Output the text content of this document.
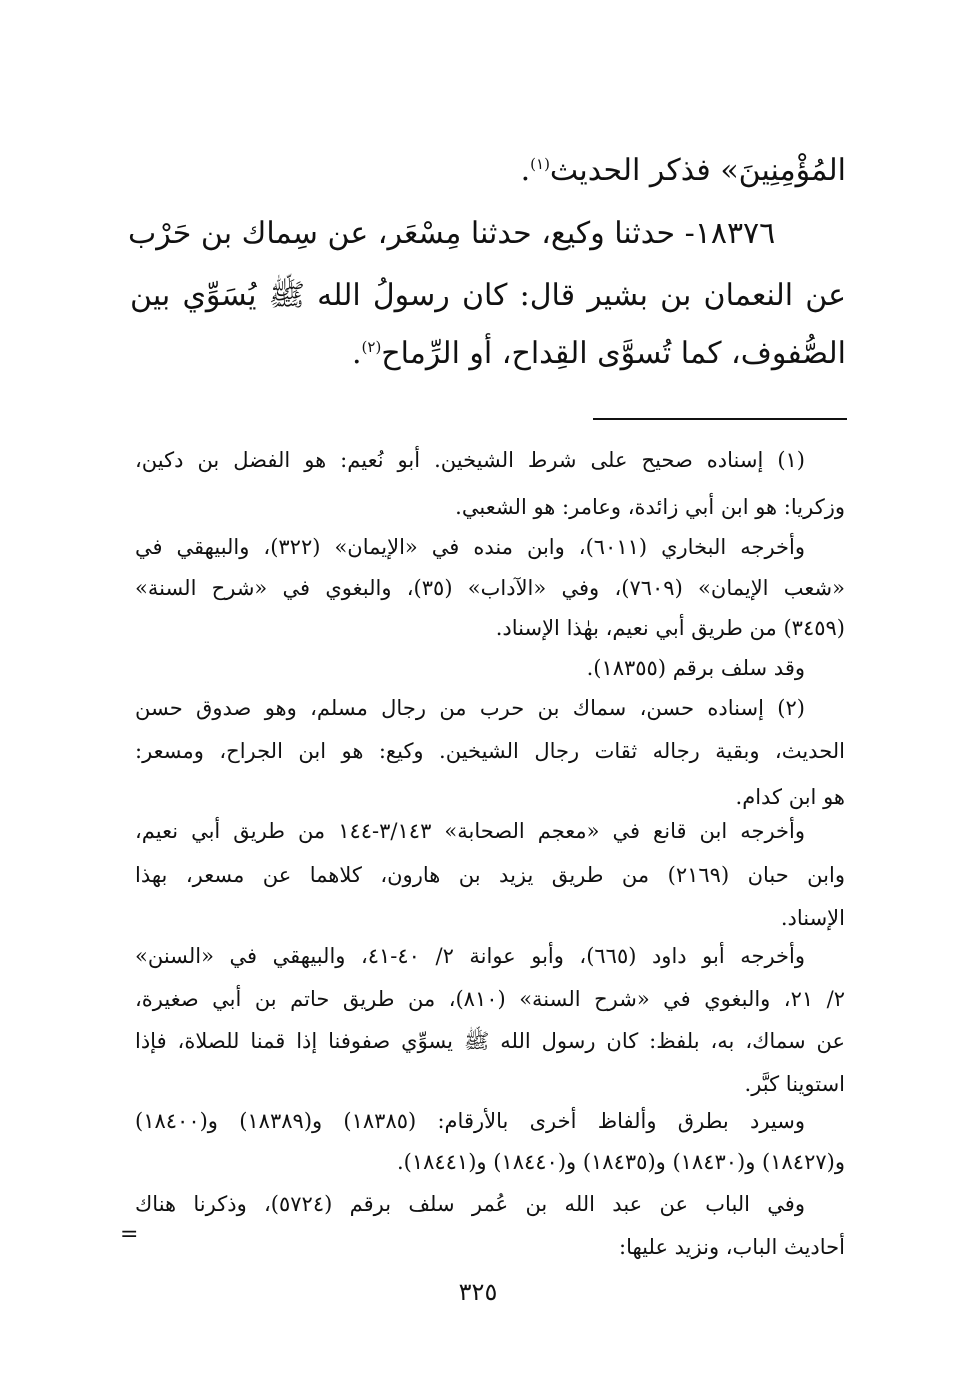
المُؤْمِنِينَ» فذكر الحديث$^{(١)}$.
١٨٣٧٦- حدثنا وكيع، حدثنا مِسْعَر، عن سِماك بن حَرْب
عن النعمان بن بشير قال: كان رسولُ الله ﷺ يُسَوِّي بين
الصُّفوف، كما تُسوَّى القِداح، أو الرِّماح$^{(٢)}$.
(١) إسناده صحيح على شرط الشيخين. أبو نُعيم: هو الفضل بن دكين،
وزكريا: هو ابن أبي زائدة، وعامر: هو الشعبي.
وأخرجه البخاري (٦٠١١)، وابن منده في «الإيمان» (٣٢٢)، والبيهقي في
«شعب الإيمان» (٧٦٠٩)، وفي «الآداب» (٣٥)، والبغوي في «شرح السنة»
(٣٤٥٩) من طريق أبي نعيم، بهٰذا الإسناد.
وقد سلف برقم (١٨٣٥٥).
(٢) إسناده حسن، سماك بن حرب من رجال مسلم، وهو صدوق حسن
الحديث، وبقية رجاله ثقات رجال الشيخين. وكيع: هو ابن الجراح، ومسعر:
هو ابن كدام.
وأخرجه ابن قانع في «معجم الصحابة» ٣/١٤٣-١٤٤ من طريق أبي نعيم،
وابن حبان (٢١٦٩) من طريق يزيد بن هارون، كلاهما عن مسعر، بهذا
الإسناد.
وأخرجه أبو داود (٦٦٥)، وأبو عوانة ٢/ ٤٠-٤١، والبيهقي في «السنن»
٢/ ٢١، والبغوي في «شرح السنة» (٨١٠)، من طريق حاتم بن أبي صغيرة،
عن سماك، به، بلفظ: كان رسول الله ﷺ يسوِّي صفوفنا إذا قمنا للصلاة، فإذا
استوينا كبَّر.
وسيرد بطرق وألفاظ أخرى بالأرقام: (١٨٣٨٥) و(١٨٣٨٩) و(١٨٤٠٠)
و(١٨٤٢٧) و(١٨٤٣٠) و(١٨٤٣٥) و(١٨٤٤٠) و(١٨٤٤١).
وفي الباب عن عبد الله بن عُمر سلف برقم (٥٧٢٤)، وذكرنا هناك
أحاديث الباب، ونزيد عليها:
=
٣٢٥
